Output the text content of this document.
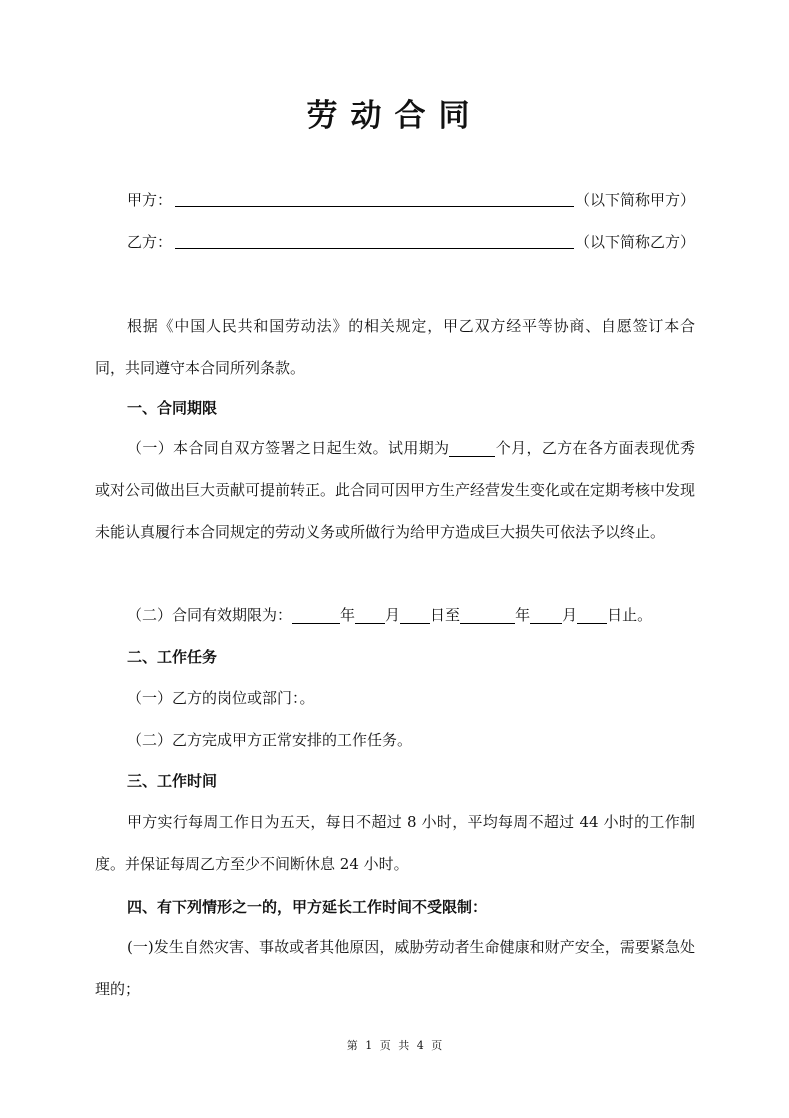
劳动合同
甲方：	（以下简称甲方）
乙方：	（以下简称乙方）

根据《中国人民共和国劳动法》的相关规定，甲乙双方经平等协商、自愿签订本合同，共同遵守本合同所列条款。

一、合同期限

（一）本合同自双方签署之日起生效。试用期为	个月，乙方在各方面表现优秀或对公司做出巨大贡献可提前转正。此合同可因甲方生产经营发生变化或在定期考核中发现未能认真履行本合同规定的劳动义务或所做行为给甲方造成巨大损失可依法予以终止。

（二）合同有效期限为：	年 月 日至	年 月 日止。
二、工作任务
（一）乙方的岗位或部门：。
（二）乙方完成甲方正常安排的工作任务。
三、工作时间

甲方实行每周工作日为五天，每日不超过 8 小时，平均每周不超过 44 小时的工作制度。并保证每周乙方至少不间断休息 24 小时。

四、有下列情形之一的，甲方延长工作时间不受限制：

(一)发生自然灾害、事故或者其他原因，威胁劳动者生命健康和财产安全，需要紧急处理的；

第 1 页 共 4 页
